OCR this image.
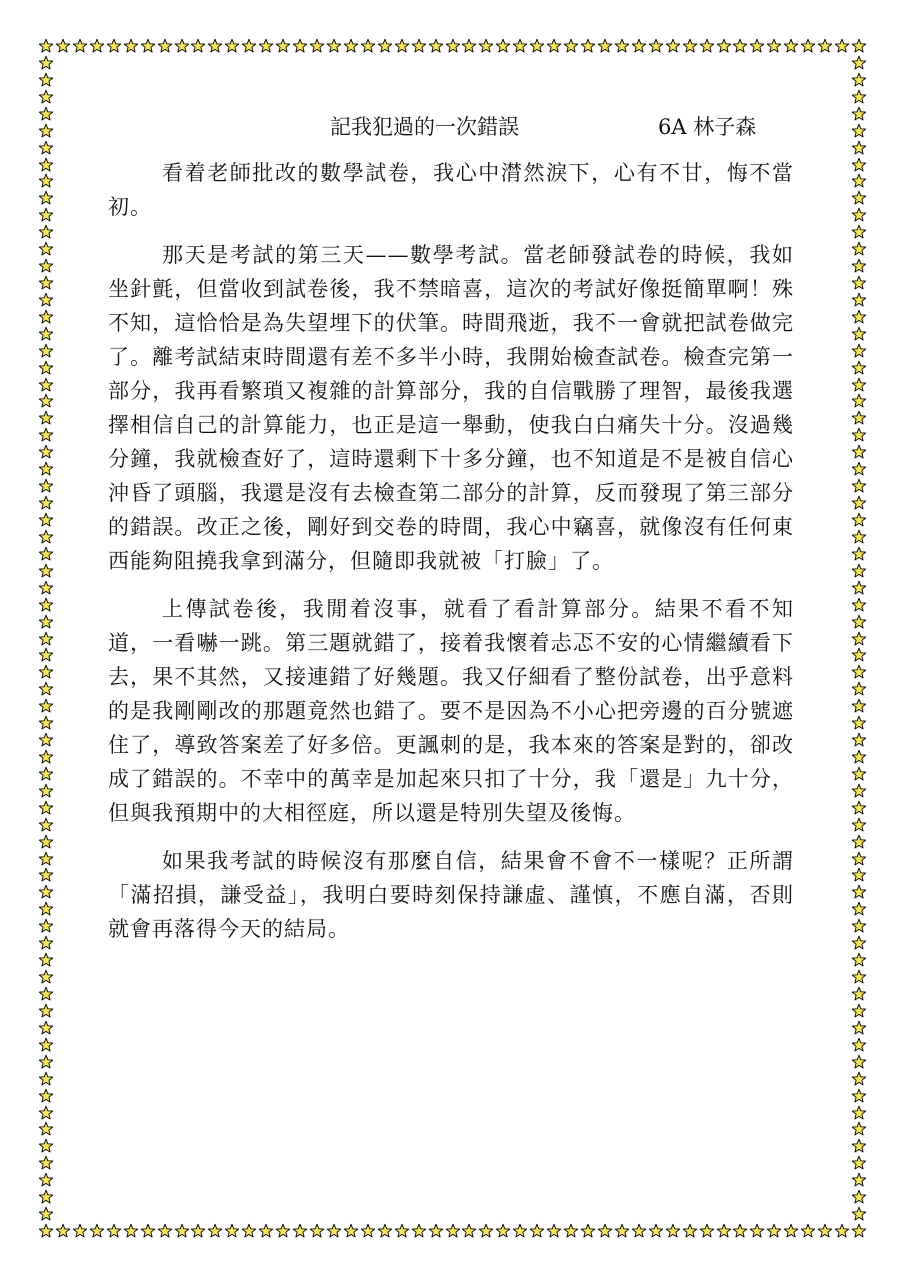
記我犯過的一次錯誤	6A 林子森

看着老師批改的數學試卷，我心中潸然淚下，心有不甘，悔不當初。

那天是考試的第三天——數學考試。當老師發試卷的時候，我如坐針氈，但當收到試卷後，我不禁暗喜，這次的考試好像挺簡單啊！殊不知，這恰恰是為失望埋下的伏筆。時間飛逝，我不一會就把試卷做完了。離考試結束時間還有差不多半小時，我開始檢查試卷。檢查完第一部分，我再看繁瑣又複雜的計算部分，我的自信戰勝了理智，最後我選擇相信自己的計算能力，也正是這一舉動，使我白白痛失十分。沒過幾分鐘，我就檢查好了，這時還剩下十多分鐘，也不知道是不是被自信心沖昏了頭腦，我還是沒有去檢查第二部分的計算，反而發現了第三部分的錯誤。改正之後，剛好到交卷的時間，我心中竊喜，就像沒有任何東西能夠阻撓我拿到滿分，但隨即我就被「打臉」了。

上傳試卷後，我閒着沒事，就看了看計算部分。結果不看不知道，一看嚇一跳。第三題就錯了，接着我懷着忐忑不安的心情繼續看下去，果不其然，又接連錯了好幾題。我又仔細看了整份試卷，出乎意料的是我剛剛改的那題竟然也錯了。要不是因為不小心把旁邊的百分號遮住了，導致答案差了好多倍。更諷刺的是，我本來的答案是對的，卻改成了錯誤的。不幸中的萬幸是加起來只扣了十分，我「還是」九十分，但與我預期中的大相徑庭，所以還是特別失望及後悔。

如果我考試的時候沒有那麼自信，結果會不會不一樣呢？正所謂「滿招損，謙受益」，我明白要時刻保持謙虛、謹慎，不應自滿，否則就會再落得今天的結局。
